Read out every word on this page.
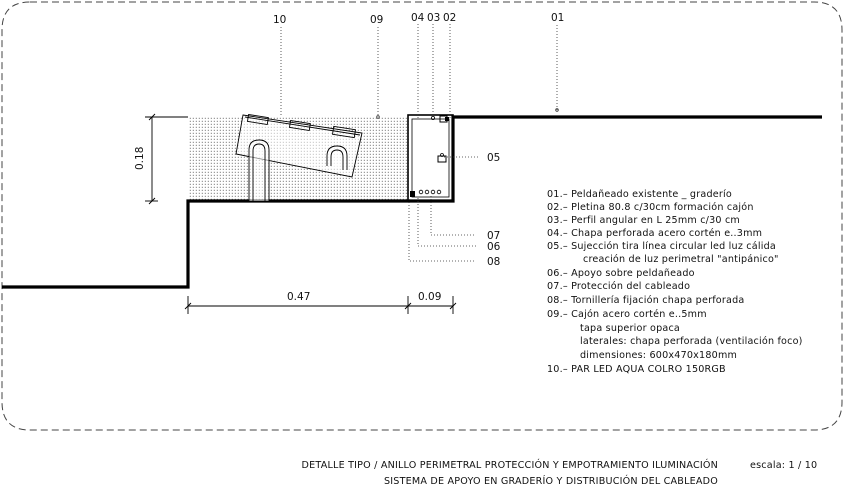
10	09	04 03 02	01
05
07
06
08
0.18
0.47	0.09
01.– Peldañeado existente _ graderío
02.– Pletina 80.8 c/30cm formación cajón
03.– Perfil angular en L 25mm c/30 cm
04.– Chapa perforada acero cortén e..3mm
05.– Sujección tira línea circular led luz cálida
creación de luz perimetral "antipánico"
06.– Apoyo sobre peldañeado
07.– Protección del cableado
08.– Tornillería fijación chapa perforada
09.– Cajón acero cortén e..5mm
tapa superior opaca
laterales: chapa perforada (ventilación foco)
dimensiones: 600x470x180mm
10.– PAR LED AQUA COLRO 150RGB
DETALLE TIPO / ANILLO PERIMETRAL PROTECCIÓN Y EMPOTRAMIENTO ILUMINACIÓN
SISTEMA DE APOYO EN GRADERÍO Y DISTRIBUCIÓN DEL CABLEADO
escala: 1 / 10
